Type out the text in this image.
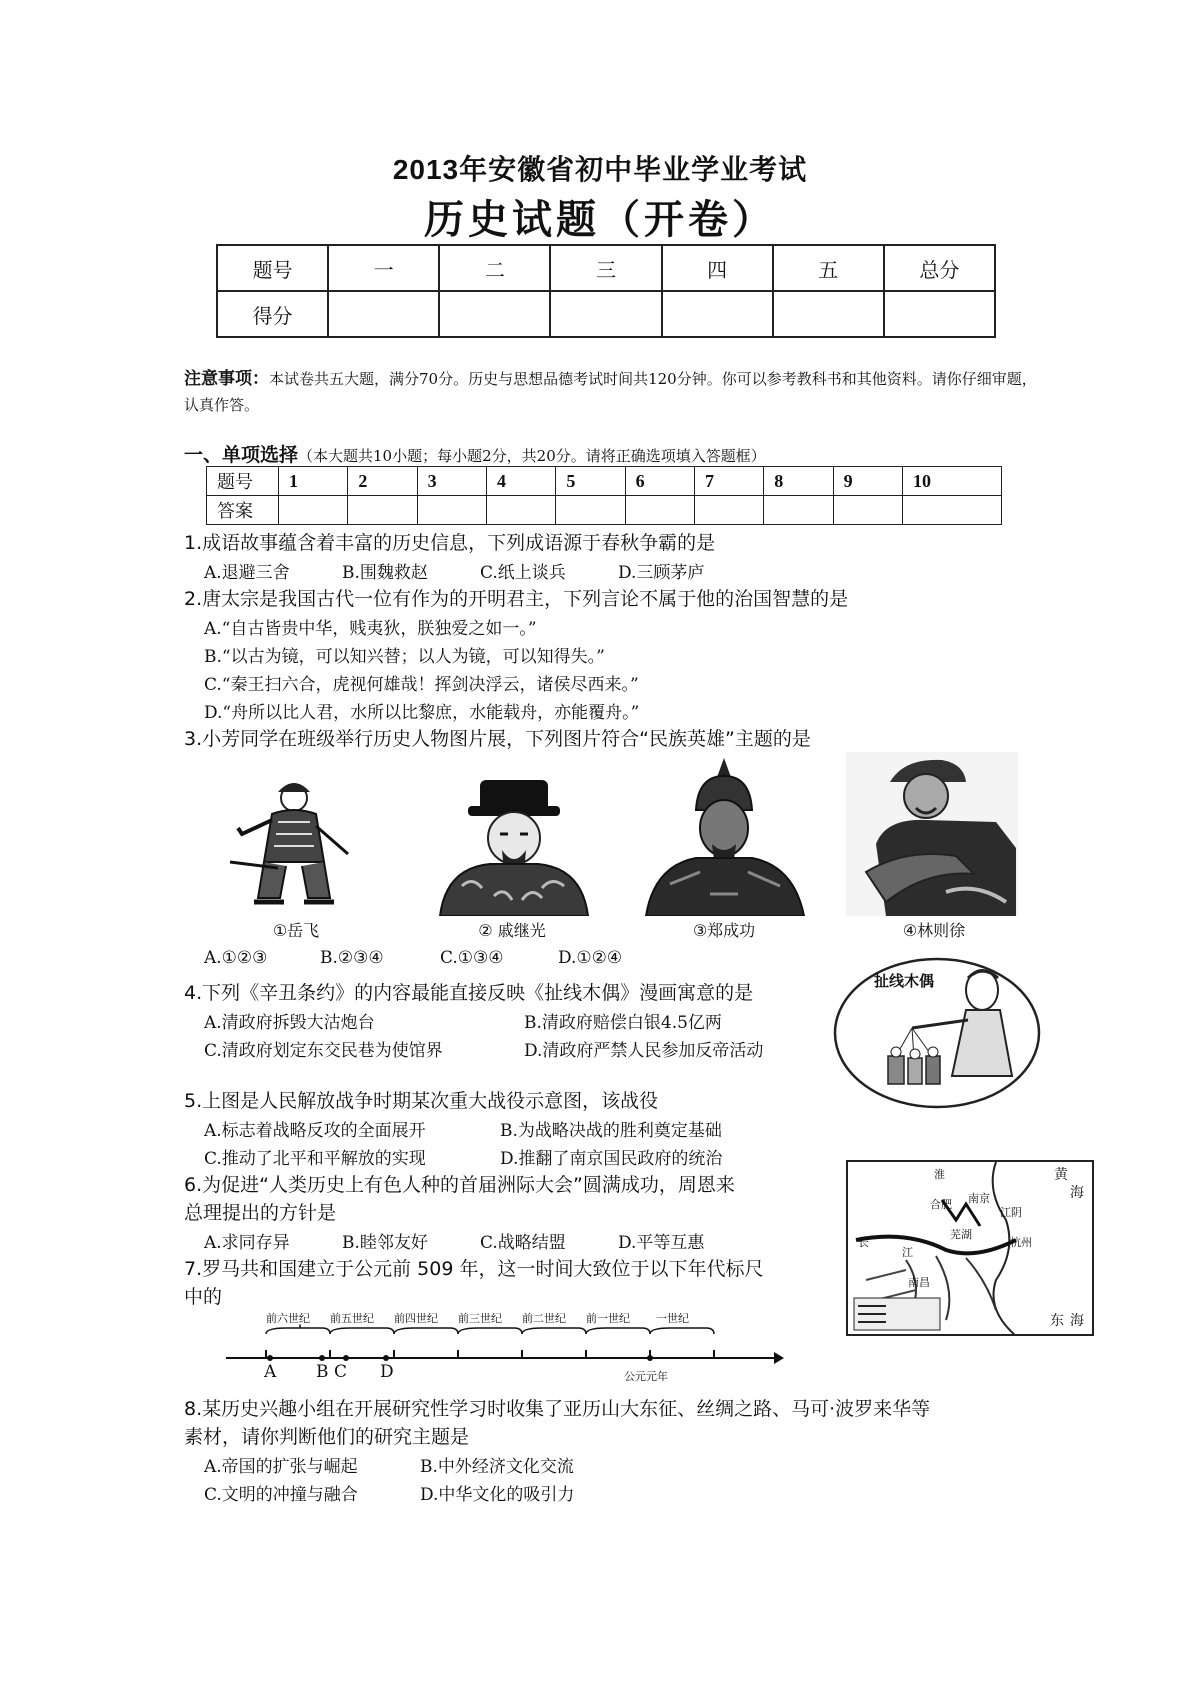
2013年安徽省初中毕业学业考试
历史试题（开卷）
题号	一	二	三	四	五	总分
得分						
注意事项：本试卷共五大题，满分70分。历史与思想品德考试时间共120分钟。你可以参考教科书和其他资料。请你仔细审题，认真作答。
一、单项选择（本大题共10小题；每小题2分，共20分。请将正确选项填入答题框）
题号	1	2	3	4	5	6	7	8	9	10
答案										
1.成语故事蕴含着丰富的历史信息，下列成语源于春秋争霸的是
A.退避三舍	B.围魏救赵	C.纸上谈兵	D.三顾茅庐
2.唐太宗是我国古代一位有作为的开明君主，下列言论不属于他的治国智慧的是
A.“自古皆贵中华，贱夷狄，朕独爱之如一。”
B.“以古为镜，可以知兴替；以人为镜，可以知得失。”
C.“秦王扫六合，虎视何雄哉！挥剑决浮云，诸侯尽西来。”
D.“舟所以比人君，水所以比黎庶，水能载舟，亦能覆舟。”
3.小芳同学在班级举行历史人物图片展，下列图片符合“民族英雄”主题的是
①岳飞	② 戚继光	③郑成功	④林则徐
A.①②③	B.②③④	C.①③④	D.①②④
4.下列《辛丑条约》的内容最能直接反映《扯线木偶》漫画寓意的是
A.清政府拆毁大沽炮台	B.清政府赔偿白银4.5亿两
C.清政府划定东交民巷为使馆界	D.清政府严禁人民参加反帝活动
扯线木偶
5.上图是人民解放战争时期某次重大战役示意图，该战役
A.标志着战略反攻的全面展开	B.为战略决战的胜利奠定基础
C.推动了北平和平解放的实现	D.推翻了南京国民政府的统治
淮	黄
海
合肥 南京
江阴
芜湖
杭州
长
江
南昌
东 海
6.为促进“人类历史上有色人种的首届洲际大会”圆满成功，周恩来
总理提出的方针是
A.求同存异	B.睦邻友好	C.战略结盟	D.平等互惠
7.罗马共和国建立于公元前 509 年，这一时间大致位于以下年代标尺
中的
前六世纪 前五世纪 前四世纪 前三世纪 前二世纪 前一世纪 一世纪
A B C D	公元元年
8.某历史兴趣小组在开展研究性学习时收集了亚历山大东征、丝绸之路、马可·波罗来华等
素材，请你判断他们的研究主题是
A.帝国的扩张与崛起	B.中外经济文化交流
C.文明的冲撞与融合	D.中华文化的吸引力
